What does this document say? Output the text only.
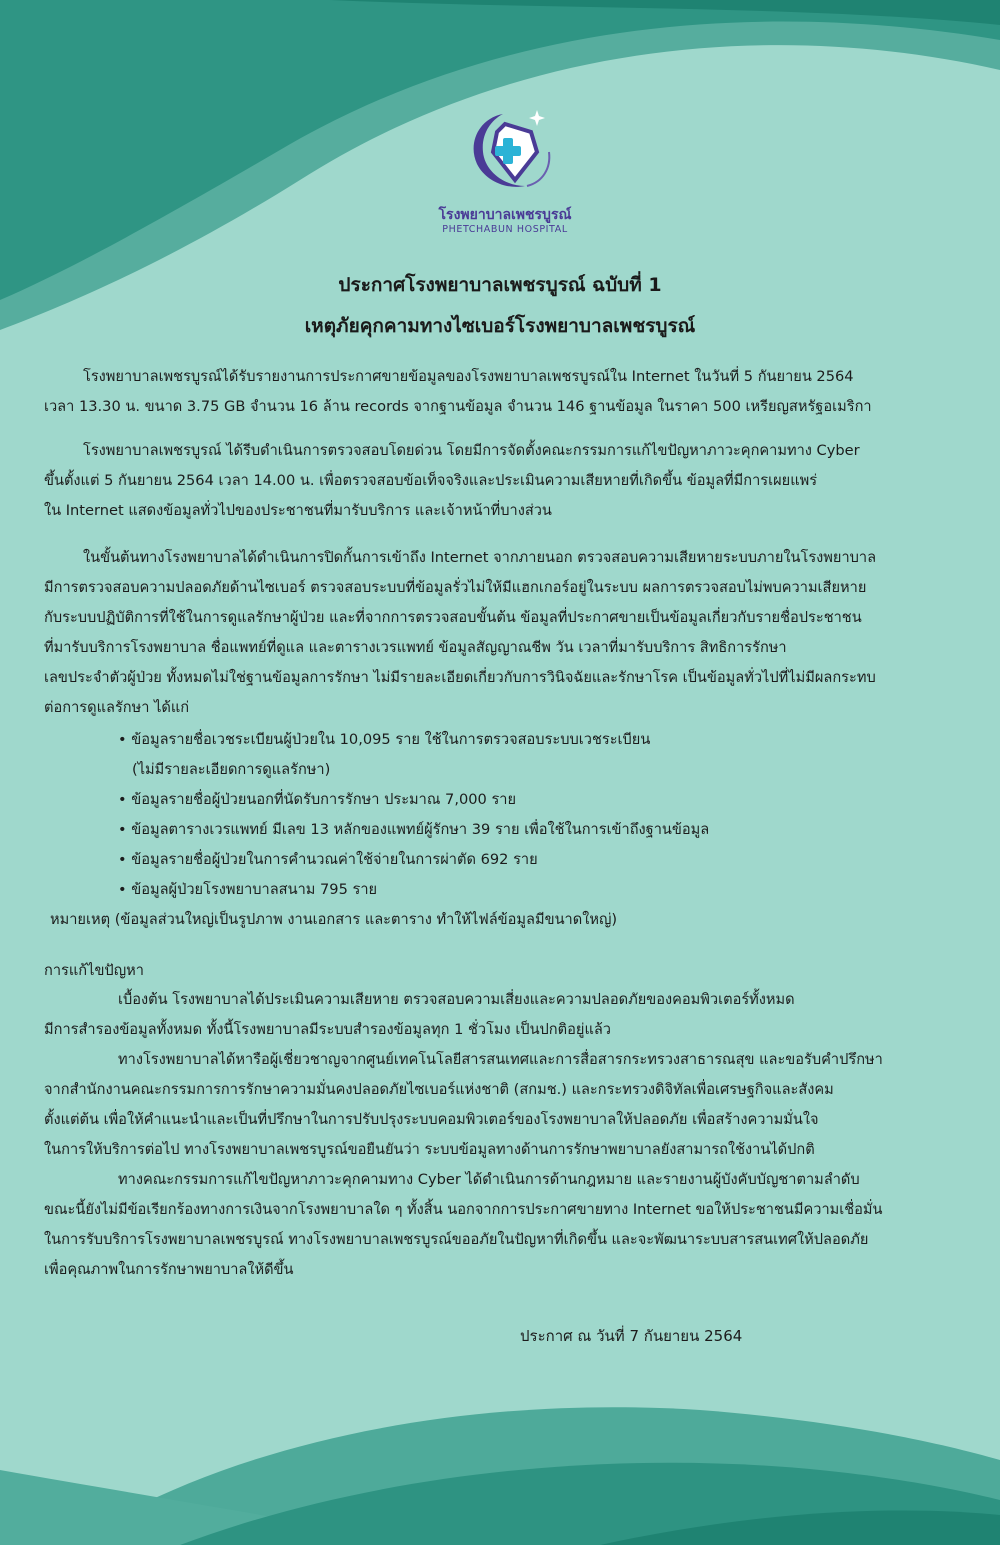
โรงพยาบาลเพชรบูรณ์
PHETCHABUN HOSPITAL
ประกาศโรงพยาบาลเพชรบูรณ์ ฉบับที่ 1
เหตุภัยคุกคามทางไซเบอร์โรงพยาบาลเพชรบูรณ์
โรงพยาบาลเพชรบูรณ์ได้รับรายงานการประกาศขายข้อมูลของโรงพยาบาลเพชรบูรณ์ใน Internet ในวันที่ 5 กันยายน 2564
เวลา 13.30 น. ขนาด 3.75 GB จำนวน 16 ล้าน records จากฐานข้อมูล จำนวน 146 ฐานข้อมูล ในราคา 500 เหรียญสหรัฐอเมริกา
โรงพยาบาลเพชรบูรณ์ ได้รีบดำเนินการตรวจสอบโดยด่วน โดยมีการจัดตั้งคณะกรรมการแก้ไขปัญหาภาวะคุกคามทาง Cyber
ขึ้นตั้งแต่ 5 กันยายน 2564 เวลา 14.00 น. เพื่อตรวจสอบข้อเท็จจริงและประเมินความเสียหายที่เกิดขึ้น ข้อมูลที่มีการเผยแพร่
ใน Internet แสดงข้อมูลทั่วไปของประชาชนที่มารับบริการ และเจ้าหน้าที่บางส่วน
ในขั้นต้นทางโรงพยาบาลได้ดำเนินการปิดกั้นการเข้าถึง Internet จากภายนอก ตรวจสอบความเสียหายระบบภายในโรงพยาบาล
มีการตรวจสอบความปลอดภัยด้านไซเบอร์ ตรวจสอบระบบที่ข้อมูลรั่วไม่ให้มีแฮกเกอร์อยู่ในระบบ ผลการตรวจสอบไม่พบความเสียหาย
กับระบบปฏิบัติการที่ใช้ในการดูแลรักษาผู้ป่วย และที่จากการตรวจสอบขั้นต้น ข้อมูลที่ประกาศขายเป็นข้อมูลเกี่ยวกับรายชื่อประชาชน
ที่มารับบริการโรงพยาบาล ชื่อแพทย์ที่ดูแล และตารางเวรแพทย์ ข้อมูลสัญญาณชีพ วัน เวลาที่มารับบริการ สิทธิการรักษา
เลขประจำตัวผู้ป่วย ทั้งหมดไม่ใช่ฐานข้อมูลการรักษา ไม่มีรายละเอียดเกี่ยวกับการวินิจฉัยและรักษาโรค เป็นข้อมูลทั่วไปที่ไม่มีผลกระทบ
ต่อการดูแลรักษา ได้แก่
• ข้อมูลรายชื่อเวชระเบียนผู้ป่วยใน 10,095 ราย ใช้ในการตรวจสอบระบบเวชระเบียน
(ไม่มีรายละเอียดการดูแลรักษา)
• ข้อมูลรายชื่อผู้ป่วยนอกที่นัดรับการรักษา ประมาณ 7,000 ราย
• ข้อมูลตารางเวรแพทย์ มีเลข 13 หลักของแพทย์ผู้รักษา 39 ราย เพื่อใช้ในการเข้าถึงฐานข้อมูล
• ข้อมูลรายชื่อผู้ป่วยในการคำนวณค่าใช้จ่ายในการผ่าตัด 692 ราย
• ข้อมูลผู้ป่วยโรงพยาบาลสนาม 795 ราย
หมายเหตุ (ข้อมูลส่วนใหญ่เป็นรูปภาพ งานเอกสาร และตาราง ทำให้ไฟล์ข้อมูลมีขนาดใหญ่)
การแก้ไขปัญหา
เบื้องต้น โรงพยาบาลได้ประเมินความเสียหาย ตรวจสอบความเสี่ยงและความปลอดภัยของคอมพิวเตอร์ทั้งหมด
มีการสำรองข้อมูลทั้งหมด ทั้งนี้โรงพยาบาลมีระบบสำรองข้อมูลทุก 1 ชั่วโมง เป็นปกติอยู่แล้ว
ทางโรงพยาบาลได้หารือผู้เชี่ยวชาญจากศูนย์เทคโนโลยีสารสนเทศและการสื่อสารกระทรวงสาธารณสุข และขอรับคำปรึกษา
จากสำนักงานคณะกรรมการการรักษาความมั่นคงปลอดภัยไซเบอร์แห่งชาติ (สกมช.) และกระทรวงดิจิทัลเพื่อเศรษฐกิจและสังคม
ตั้งแต่ต้น เพื่อให้คำแนะนำและเป็นที่ปรึกษาในการปรับปรุงระบบคอมพิวเตอร์ของโรงพยาบาลให้ปลอดภัย เพื่อสร้างความมั่นใจ
ในการให้บริการต่อไป ทางโรงพยาบาลเพชรบูรณ์ขอยืนยันว่า ระบบข้อมูลทางด้านการรักษาพยาบาลยังสามารถใช้งานได้ปกติ
ทางคณะกรรมการแก้ไขปัญหาภาวะคุกคามทาง Cyber ได้ดำเนินการด้านกฎหมาย และรายงานผู้บังคับบัญชาตามลำดับ
ขณะนี้ยังไม่มีข้อเรียกร้องทางการเงินจากโรงพยาบาลใด ๆ ทั้งสิ้น นอกจากการประกาศขายทาง Internet ขอให้ประชาชนมีความเชื่อมั่น
ในการรับบริการโรงพยาบาลเพชรบูรณ์ ทางโรงพยาบาลเพชรบูรณ์ขออภัยในปัญหาที่เกิดขึ้น และจะพัฒนาระบบสารสนเทศให้ปลอดภัย
เพื่อคุณภาพในการรักษาพยาบาลให้ดีขึ้น
ประกาศ ณ วันที่ 7 กันยายน 2564
